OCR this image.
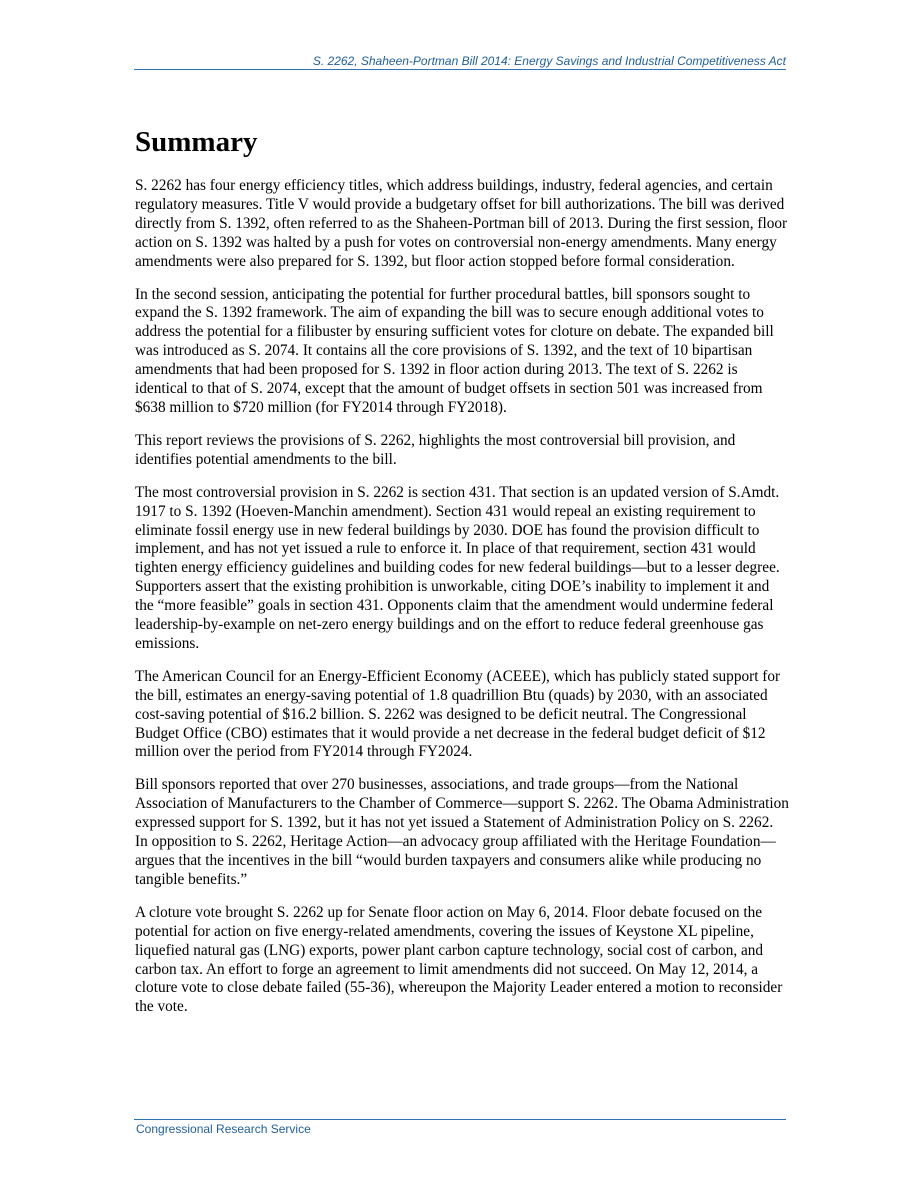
S. 2262, Shaheen-Portman Bill 2014: Energy Savings and Industrial Competitiveness Act
Summary

S. 2262 has four energy efficiency titles, which address buildings, industry, federal agencies, and certain regulatory measures. Title V would provide a budgetary offset for bill authorizations. The bill was derived directly from S. 1392, often referred to as the Shaheen-Portman bill of 2013. During the first session, floor action on S. 1392 was halted by a push for votes on controversial non-energy amendments. Many energy amendments were also prepared for S. 1392, but floor action stopped before formal consideration.

In the second session, anticipating the potential for further procedural battles, bill sponsors sought to expand the S. 1392 framework. The aim of expanding the bill was to secure enough additional votes to address the potential for a filibuster by ensuring sufficient votes for cloture on debate. The expanded bill was introduced as S. 2074. It contains all the core provisions of S. 1392, and the text of 10 bipartisan amendments that had been proposed for S. 1392 in floor action during 2013. The text of S. 2262 is identical to that of S. 2074, except that the amount of budget offsets in section 501 was increased from $638 million to $720 million (for FY2014 through FY2018).

This report reviews the provisions of S. 2262, highlights the most controversial bill provision, and identifies potential amendments to the bill.

The most controversial provision in S. 2262 is section 431. That section is an updated version of S.Amdt. 1917 to S. 1392 (Hoeven-Manchin amendment). Section 431 would repeal an existing requirement to eliminate fossil energy use in new federal buildings by 2030. DOE has found the provision difficult to implement, and has not yet issued a rule to enforce it. In place of that requirement, section 431 would tighten energy efficiency guidelines and building codes for new federal buildings—but to a lesser degree. Supporters assert that the existing prohibition is unworkable, citing DOE’s inability to implement it and the “more feasible” goals in section 431. Opponents claim that the amendment would undermine federal leadership-by-example on net-zero energy buildings and on the effort to reduce federal greenhouse gas emissions.

The American Council for an Energy-Efficient Economy (ACEEE), which has publicly stated support for the bill, estimates an energy-saving potential of 1.8 quadrillion Btu (quads) by 2030, with an associated cost-saving potential of $16.2 billion. S. 2262 was designed to be deficit neutral. The Congressional Budget Office (CBO) estimates that it would provide a net decrease in the federal budget deficit of $12 million over the period from FY2014 through FY2024.

Bill sponsors reported that over 270 businesses, associations, and trade groups—from the National Association of Manufacturers to the Chamber of Commerce—support S. 2262. The Obama Administration expressed support for S. 1392, but it has not yet issued a Statement of Administration Policy on S. 2262. In opposition to S. 2262, Heritage Action—an advocacy group affiliated with the Heritage Foundation—argues that the incentives in the bill “would burden taxpayers and consumers alike while producing no tangible benefits.”

A cloture vote brought S. 2262 up for Senate floor action on May 6, 2014. Floor debate focused on the potential for action on five energy-related amendments, covering the issues of Keystone XL pipeline, liquefied natural gas (LNG) exports, power plant carbon capture technology, social cost of carbon, and carbon tax. An effort to forge an agreement to limit amendments did not succeed. On May 12, 2014, a cloture vote to close debate failed (55-36), whereupon the Majority Leader entered a motion to reconsider the vote.

Congressional Research Service
